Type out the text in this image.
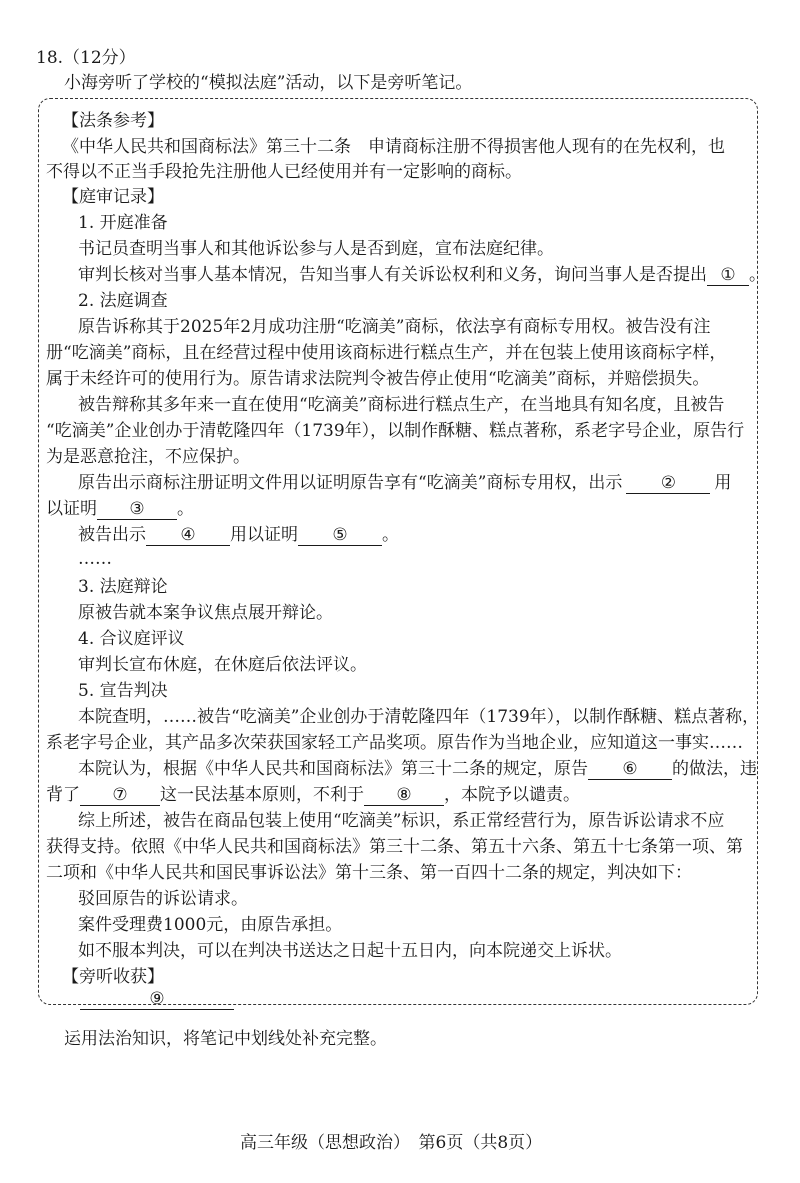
18.（12分）
小海旁听了学校的“模拟法庭”活动，以下是旁听笔记。
【法条参考】
《中华人民共和国商标法》第三十二条　申请商标注册不得损害他人现有的在先权利，也
不得以不正当手段抢先注册他人已经使用并有一定影响的商标。
【庭审记录】
1. 开庭准备
书记员查明当事人和其他诉讼参与人是否到庭，宣布法庭纪律。
审判长核对当事人基本情况，告知当事人有关诉讼权利和义务，询问当事人是否提出 ① 。
2. 法庭调查
原告诉称其于2025年2月成功注册“吃滴美”商标，依法享有商标专用权。被告没有注
册“吃滴美”商标，且在经营过程中使用该商标进行糕点生产，并在包装上使用该商标字样，
属于未经许可的使用行为。原告请求法院判令被告停止使用“吃滴美”商标，并赔偿损失。
被告辩称其多年来一直在使用“吃滴美”商标进行糕点生产，在当地具有知名度，且被告
“吃滴美”企业创办于清乾隆四年（1739年），以制作酥糖、糕点著称，系老字号企业，原告行
为是恶意抢注，不应保护。
原告出示商标注册证明文件用以证明原告享有“吃滴美”商标专用权，出示 ② 用
以证明 ③ 。
被告出示 ④ 用以证明 ⑤ 。
……
3. 法庭辩论
原被告就本案争议焦点展开辩论。
4. 合议庭评议
审判长宣布休庭，在休庭后依法评议。
5. 宣告判决
本院查明，……被告“吃滴美”企业创办于清乾隆四年（1739年），以制作酥糖、糕点著称，
系老字号企业，其产品多次荣获国家轻工产品奖项。原告作为当地企业，应知道这一事实……
本院认为，根据《中华人民共和国商标法》第三十二条的规定，原告 ⑥ 的做法，违
背了 ⑦ 这一民法基本原则，不利于 ⑧ ，本院予以谴责。
综上所述，被告在商品包装上使用“吃滴美”标识，系正常经营行为，原告诉讼请求不应
获得支持。依照《中华人民共和国商标法》第三十二条、第五十六条、第五十七条第一项、第
二项和《中华人民共和国民事诉讼法》第十三条、第一百四十二条的规定，判决如下：
驳回原告的诉讼请求。
案件受理费1000元，由原告承担。
如不服本判决，可以在判决书送达之日起十五日内，向本院递交上诉状。
【旁听收获】
⑨
运用法治知识，将笔记中划线处补充完整。
高三年级（思想政治）　第6页（共8页）
